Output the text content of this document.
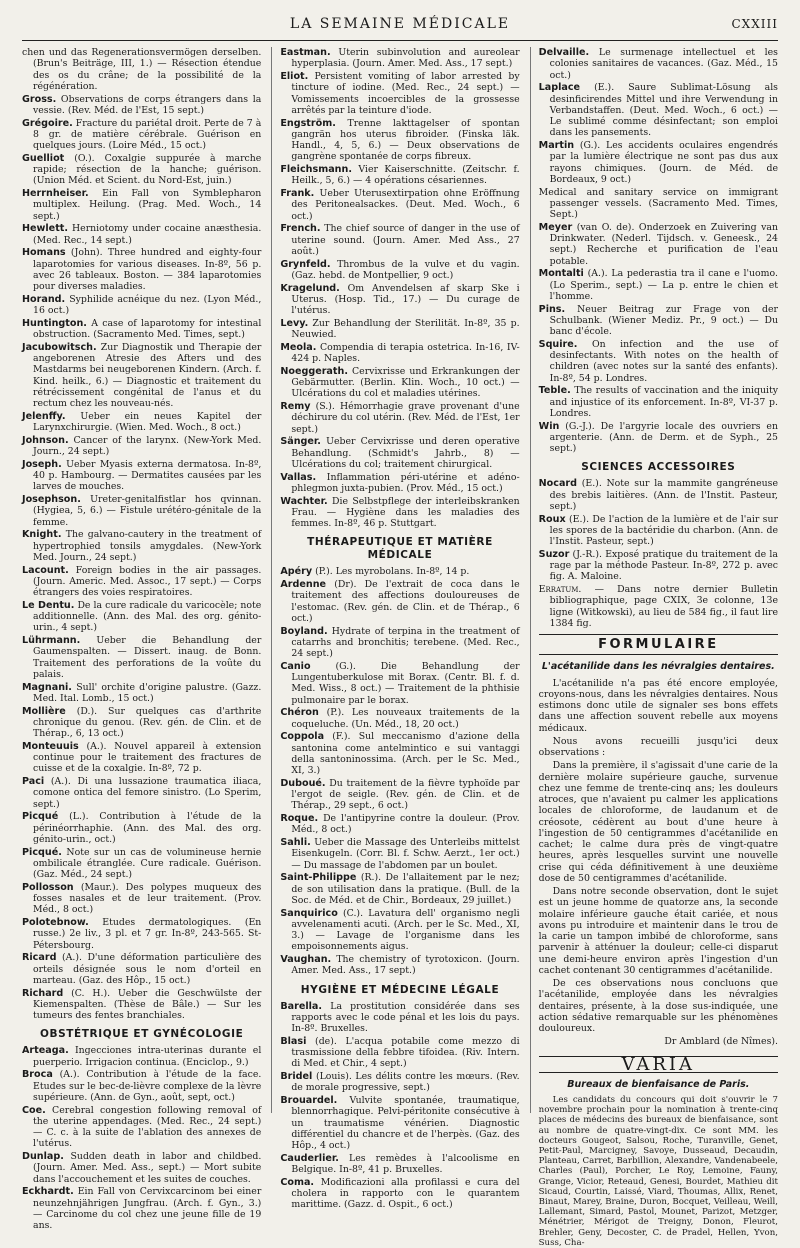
LA SEMAINE MÉDICALE	CXXIII
chen und das Regenerationsvermögen derselben. (Brun's Beiträge, III, 1.) — Résection étendue des os du crâne; de la possibilité de la régénération.
Gross. Observations de corps étrangers dans la vessie. (Rev. Méd. de l'Est, 15 sept.)
Grégoire. Fracture du pariétal droit. Perte de 7 à 8 gr. de matière cérébrale. Guérison en quelques jours. (Loire Méd., 15 oct.)
Guelliot (O.). Coxalgie suppurée à marche rapide; résection de la hanche; guérison. (Union Méd. et Scient. du Nord-Est, juin.)
Herrnheiser. Ein Fall von Symblepharon multiplex. Heilung. (Prag. Med. Woch., 14 sept.)
Hewlett. Herniotomy under cocaine anæsthesia. (Med. Rec., 14 sept.)
Homans (John). Three hundred and eighty-four laparotomies for various diseases. In-8º, 56 p. avec 26 tableaux. Boston. — 384 laparotomies pour diverses maladies.
Horand. Syphilide acnéique du nez. (Lyon Méd., 16 oct.)
Huntington. A case of laparotomy for intestinal obstruction. (Sacramento Med. Times, sept.)
Jacubowitsch. Zur Diagnostik und Therapie der angeborenen Atresie des Afters und des Mastdarms bei neugeborenen Kindern. (Arch. f. Kind. heilk., 6.) — Diagnostic et traitement du rétrécissement congénital de l'anus et du rectum chez les nouveau-nés.
Jelenffy. Ueber ein neues Kapitel der Larynxchirurgie. (Wien. Med. Woch., 8 oct.)
Johnson. Cancer of the larynx. (New-York Med. Journ., 24 sept.)
Joseph. Ueber Myasis externa dermatosa. In-8º, 40 p. Hambourg. — Dermatites causées par les larves de mouches.
Josephson. Ureter-genitalfistlar hos qvinnan. (Hygiea, 5, 6.) — Fistule urétéro-génitale de la femme.
Knight. The galvano-cautery in the treatment of hypertrophied tonsils amygdales. (New-York Med. Journ., 24 sept.)
Lacount. Foreign bodies in the air passages. (Journ. Americ. Med. Assoc., 17 sept.) — Corps étrangers des voies respiratoires.
Le Dentu. De la cure radicale du varicocèle; note additionnelle. (Ann. des Mal. des org. génito-urin., 4 sept.)
Lührmann. Ueber die Behandlung der Gaumenspalten. — Dissert. inaug. de Bonn. Traitement des perforations de la voûte du palais.
Magnani. Sull' orchite d'origine palustre. (Gazz. Med. Ital. Lomb., 15 oct.)
Mollière (D.). Sur quelques cas d'arthrite chronique du genou. (Rev. gén. de Clin. et de Thérap., 6, 13 oct.)
Monteuuis (A.). Nouvel appareil à extension continue pour le traitement des fractures de cuisse et de la coxalgie. In-8º, 72 p.
Paci (A.). Di una lussazione traumatica iliaca, comone ontica del femore sinistro. (Lo Sperim, sept.)
Picqué (L.). Contribution à l'étude de la périnéorrhaphie. (Ann. des Mal. des org. génito-urin., oct.)
Picqué. Note sur un cas de volumineuse hernie ombilicale étranglée. Cure radicale. Guérison. (Gaz. Méd., 24 sept.)
Pollosson (Maur.). Des polypes muqueux des fosses nasales et de leur traitement. (Prov. Méd., 8 oct.)
Polotebnow. Etudes dermatologiques. (En russe.) 2e liv., 3 pl. et 7 gr. In-8º, 243-565. St-Pétersbourg.
Ricard (A.). D'une déformation particulière des orteils désignée sous le nom d'orteil en marteau. (Gaz. des Hôp., 15 oct.)
Richard (C. H.). Ueber die Geschwülste der Kiemenspalten. (Thèse de Bâle.) — Sur les tumeurs des fentes branchiales.
OBSTÉTRIQUE ET GYNÉCOLOGIE
Arteaga. Ingecciones intra-uterinas durante el puerperio. Irrigacion continua. (Enciclop., 9.)
Broca (A.). Contribution à l'étude de la face. Etudes sur le bec-de-lièvre complexe de la lèvre supérieure. (Ann. de Gyn., août, sept, oct.)
Coe. Cerebral congestion following removal of the uterine appendages. (Med. Rec., 24 sept.) — C. c. à la suite de l'ablation des annexes de l'utérus.
Dunlap. Sudden death in labor and childbed. (Journ. Amer. Med. Ass., sept.) — Mort subite dans l'accouchement et les suites de couches.
Eckhardt. Ein Fall von Cervixcarcinom bei einer neunzehnjährigen Jungfrau. (Arch. f. Gyn., 3.) — Carcinome du col chez une jeune fille de 19 ans.
Eastman. Uterin subinvolution and aureolear hyperplasia. (Journ. Amer. Med. Ass., 17 sept.)
Eliot. Persistent vomiting of labor arrested by tincture of iodine. (Med. Rec., 24 sept.) — Vomissements incoercibles de la grossesse arrêtés par la teinture d'iode.
Engström. Trenne lakttagelser of spontan gangrän hos uterus fibroider. (Finska läk. Handl., 4, 5, 6.) — Deux observations de gangrène spontanée de corps fibreux.
Fleichsmann. Vier Kaiserschnitte. (Zeitschr. f. Heilk., 5, 6.) — 4 opérations césariennes.
Frank. Ueber Uterusextirpation ohne Eröffnung des Peritonealsackes. (Deut. Med. Woch., 6 oct.)
French. The chief source of danger in the use of uterine sound. (Journ. Amer. Med Ass., 27 août.)
Grynfeld. Thrombus de la vulve et du vagin. (Gaz. hebd. de Montpellier, 9 oct.)
Kragelund. Om Anvendelsen af skarp Ske i Uterus. (Hosp. Tid., 17.) — Du curage de l'utérus.
Levy. Zur Behandlung der Sterilität. In-8º, 35 p. Neuwied.
Meola. Compendia di terapia ostetrica. In-16, IV-424 p. Naples.
Noeggerath. Cervixrisse und Erkrankungen der Gebärmutter. (Berlin. Klin. Woch., 10 oct.) — Ulcérations du col et maladies utérines.
Remy (S.). Hémorrhagie grave provenant d'une déchirure du col utérin. (Rev. Méd. de l'Est, 1er sept.)
Sänger. Ueber Cervixrisse und deren operative Behandlung. (Schmidt's Jahrb., 8) — Ulcérations du col; traitement chirurgical.
Vallas. Inflammation péri-utérine et adéno-phlegmon juxta-pubien. (Prov. Méd., 15 oct.)
Wachter. Die Selbstpflege der interleibskranken Frau. — Hygiène dans les maladies des femmes. In-8º, 46 p. Stuttgart.
THÉRAPEUTIQUE ET MATIÈRE MÉDICALE
Apéry (P.). Les myrobolans. In-8º, 14 p.
Ardenne (Dr). De l'extrait de coca dans le traitement des affections douloureuses de l'estomac. (Rev. gén. de Clin. et de Thérap., 6 oct.)
Boyland. Hydrate of terpina in the treatment of catarrhs and bronchitis; terebene. (Med. Rec., 24 sept.)
Canio	(G.). Die Behandlung der Lungentuberkulose mit Borax. (Centr. Bl. f. d. Med. Wiss., 8 oct.) — Traitement de la phthisie pulmonaire par le borax.
Chéron (P.). Les nouveaux traitements de la coqueluche. (Un. Méd., 18, 20 oct.)
Coppola (F.). Sul meccanismo d'azione della santonina come antelmintico e sui vantaggi della santoninossima. (Arch. per le Sc. Med., XI, 3.)
Duboué. Du traitement de la fièvre typhoïde par l'ergot de seigle. (Rev. gén. de Clin. et de Thérap., 29 sept., 6 oct.)
Roque. De l'antipyrine contre la douleur. (Prov. Méd., 8 oct.)
Sahli. Ueber die Massage des Unterleibs mittelst Eisenkugeln. (Corr. Bl. f. Schw. Aerzt., 1er oct.) — Du massage de l'abdomen par un boulet.
Saint-Philippe (R.). De l'allaitement par le nez; de son utilisation dans la pratique. (Bull. de la Soc. de Méd. et de Chir., Bordeaux, 29 juillet.)
Sanquirico (C.). Lavatura dell' organismo negli avvelenamenti acuti. (Arch. per le Sc. Med., XI, 3.) — Lavage de l'organisme dans les empoisonnements aigus.
Vaughan. The chemistry of tyrotoxicon. (Journ. Amer. Med. Ass., 17 sept.)
HYGIÈNE ET MÉDECINE LÉGALE
Barella. La prostitution considérée dans ses rapports avec le code pénal et les lois du pays. In-8º. Bruxelles.
Blasi (de). L'acqua potabile come mezzo di trasmissione della febbre tifoidea. (Riv. Intern. di Med. et Chir., 4 sept.)
Bridel (Louis). Les délits contre les mœurs. (Rev. de morale progressive, sept.)
Brouardel. Vulvite spontanée, traumatique, blennorrhagique. Pelvi-péritonite consécutive à un traumatisme vénérien. Diagnostic différentiel du chancre et de l'herpès. (Gaz. des Hôp., 4 oct.)
Cauderlier. Les remèdes à l'alcoolisme en Belgique. In-8º, 41 p. Bruxelles.
Coma. Modificazioni alla profilassi e cura del cholera in rapporto con le quarantem marittime. (Gazz. d. Ospit., 6 oct.)
Delvaille. Le surmenage intellectuel et les colonies sanitaires de vacances. (Gaz. Méd., 15 oct.)
Laplace (E.). Saure Sublimat-Lösung als desinficirendes Mittel und ihre Verwendung in Verbandstaffen. (Deut. Med. Woch., 6 oct.) — Le sublimé comme désinfectant; son emploi dans les pansements.
Martin (G.). Les accidents oculaires engendrés par la lumière électrique ne sont pas dus aux rayons chimiques. (Journ. de Méd. de Bordeaux, 9 oct.)
Medical and sanitary service on immigrant passenger vessels. (Sacramento Med. Times, Sept.)
Meyer (van O. de). Onderzoek en Zuivering van Drinkwater. (Nederl. Tijdsch. v. Geneesk., 24 sept.) Recherche et purification de l'eau potable.
Montalti (A.). La pederastia tra il cane e l'uomo. (Lo Sperim., sept.) — La p. entre le chien et l'homme.
Pins. Neuer Beitrag zur Frage von der Schulbank. (Wiener Mediz. Pr., 9 oct.) — Du banc d'école.
Squire. On infection and the use of desinfectants. With notes on the health of children (avec notes sur la santé des enfants). In-8º, 54 p. Londres.
Teble. The results of vaccination and the iniquity and injustice of its enforcement. In-8º, VI-37 p. Londres.
Win (G.-J.). De l'argyrie locale des ouvriers en argenterie. (Ann. de Derm. et de Syph., 25 sept.)
SCIENCES ACCESSOIRES
Nocard (E.). Note sur la mammite gangréneuse des brebis laitières. (Ann. de l'Instit. Pasteur, sept.)
Roux (E.). De l'action de la lumière et de l'air sur les spores de la bactéridie du charbon. (Ann. de l'Instit. Pasteur, sept.)
Suzor (J.-R.). Exposé pratique du traitement de la rage par la méthode Pasteur. In-8º, 272 p. avec fig. A. Maloine.
Erratum. — Dans notre dernier Bulletin bibliographique, page CXIX, 3e colonne, 13e ligne (Witkowski), au lieu de 584 fig., il faut lire 1384 fig.
FORMULAIRE
L'acétanilide dans les névralgies dentaires.
L'acétanilide n'a pas été encore employée, croyons-nous, dans les névralgies dentaires. Nous estimons donc utile de signaler ses bons effets dans une affection souvent rebelle aux moyens médicaux.
Nous avons recueilli jusqu'ici deux observations :
Dans la première, il s'agissait d'une carie de la dernière molaire supérieure gauche, survenue chez une femme de trente-cinq ans; les douleurs atroces, que n'avaient pu calmer les applications locales de chloroforme, de laudanum et de créosote, cédèrent au bout d'une heure à l'ingestion de 50 centigrammes d'acétanilide en cachet; le calme dura près de vingt-quatre heures, après lesquelles survint une nouvelle crise qui céda définitivement à une deuxième dose de 50 centigrammes d'acétanilide.
Dans notre seconde observation, dont le sujet est un jeune homme de quatorze ans, la seconde molaire inférieure gauche était cariée, et nous avons pu introduire et maintenir dans le trou de la carie un tampon imbibé de chloroforme, sans parvenir à atténuer la douleur; celle-ci disparut une demi-heure environ après l'ingestion d'un cachet contenant 30 centigrammes d'acétanilide.
De ces observations nous concluons que l'acétanilide, employée dans les névralgies dentaires, présente, à la dose sus-indiquée, une action sédative remarquable sur les phénomènes douloureux.
Dr Amblard (de Nîmes).
VARIA
Bureaux de bienfaisance de Paris.
Les candidats du concours qui doit s'ouvrir le 7 novembre prochain pour la nomination à trente-cinq places de médecins des bureaux de bienfaisance, sont au nombre de quatre-vingt-dix. Ce sont MM. les docteurs Gougeot, Salsou, Roche, Turanville, Genet, Petit-Paul, Marcigney, Savoye, Dusseaud, Decaudin, Planteau, Carret, Barbillion, Alexandre, Vandenabeele, Charles (Paul), Porcher, Le Roy, Lemoine, Fauny, Grange, Vicior, Reteaud, Genesi, Bourdet, Mathieu dit Sicaud, Courtin, Laissé, Viard, Thoumas, Allix, Renet, Binaut, Marey, Braine, Duron, Bocquet, Veilleau, Weill, Lallemant, Simard, Pastol, Mounet, Parizot, Metzger, Ménétrier, Mérigot de Treigny, Donon, Fleurot, Brehler, Geny, Decoster, C. de Pradel, Hellen, Yvon, Suss, Cha-
